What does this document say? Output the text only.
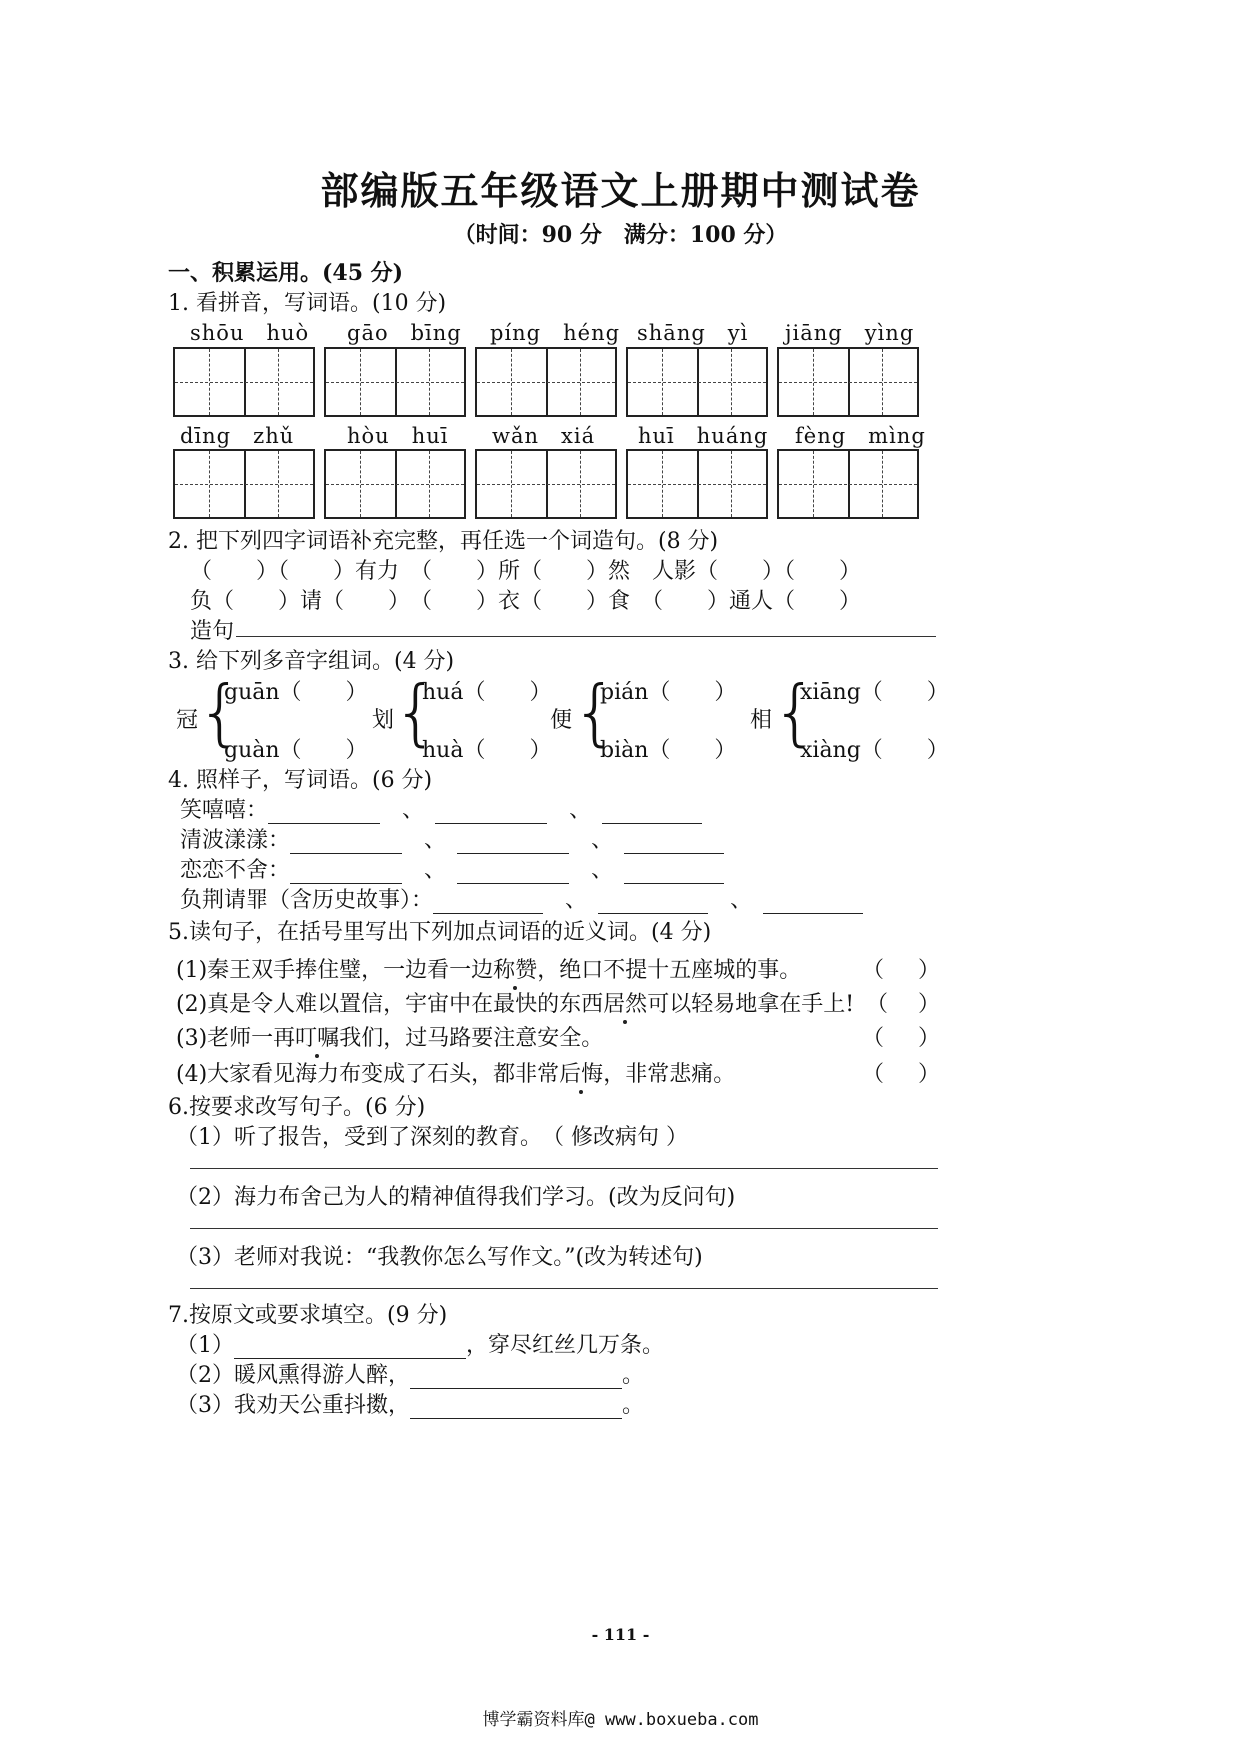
部编版五年级语文上册期中测试卷
（时间：90 分　满分：100 分）
一、积累运用。(45 分)
1. 看拼音，写词语。(10 分)
shōu　huò gāo　bīng píng　héng shāng　yì jiāng　yìng
dīng　zhǔ	hòu　huī wǎn　xiá huī　huáng fèng　mìng
2. 把下列四字词语补充完整，再任选一个词造句。(8 分)
（　　）（　　）有力　（　　）所（　　）然　人影（　　）（　　）
负（　　）请（　　）　（　　）衣（　　）食　（　　）通人（　　）
造句
3. 给下列多音字组词。(4 分)
冠
{
guān（　　）
guàn（　　）
划
{
huá（　　）
huà（　　）
便 {
pián（　　）
biàn（　　）
相 {
xiāng（　　）
xiàng（　　）
4. 照样子，写词语。(6 分)
笑嘻嘻：　	、　　	、　
清波漾漾：　	、　　	、　
恋恋不舍：　	、　　	、　
负荆请罪（含历史故事）：　	、　　	、　
5.读句子，在括号里写出下列加点词语的近义词。(4 分)
(1)秦王双手捧住璧，一边看一边称赞，绝口不提十五座城的事。	（ ）
(2)真是令人难以置信，宇宙中在最快的东西居然可以轻易地拿在手上! （ ）
(3)老师一再叮嘱我们，过马路要注意安全。	（ ）
(4)大家看见海力布变成了石头，都非常后悔，非常悲痛。	（ ）
6.按要求改写句子。(6 分)
（1）听了报告，受到了深刻的教育。　（ 修改病句 ）
（2）海力布舍己为人的精神值得我们学习。(改为反问句)
（3）老师对我说：“我教你怎么写作文。”(改为转述句)
7.按原文或要求填空。(9 分)
（1）	，穿尽红丝几万条。
（2）暖风熏得游人醉，	。
（3）我劝天公重抖擞，	。
- 111 -
博学霸资料库@ www.boxueba.com
